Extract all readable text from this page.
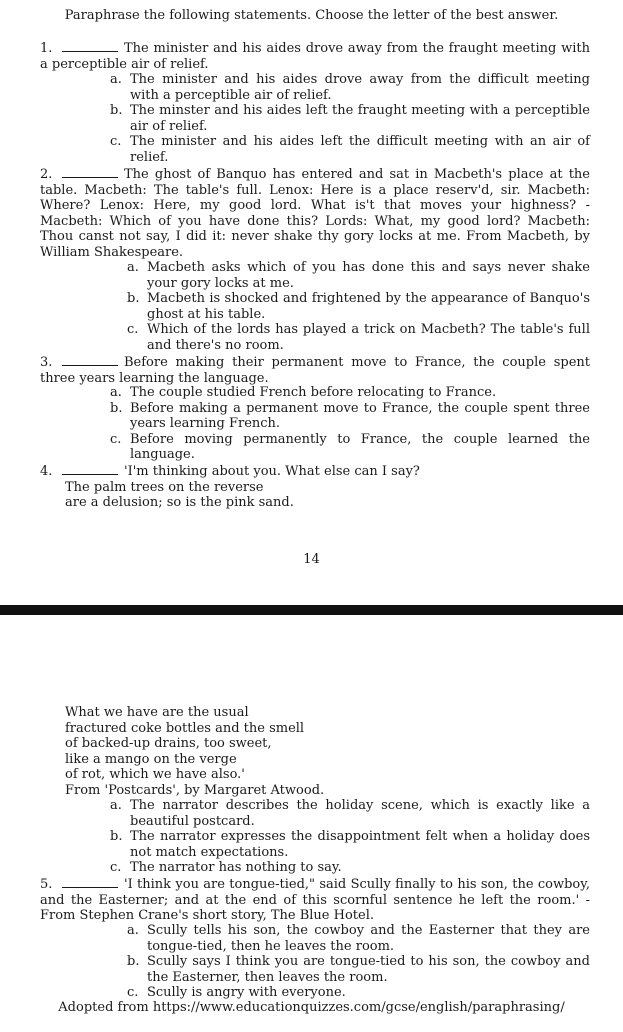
Paraphrase the following statements. Choose the letter of the best answer.

1.	The minister and his aides drove away from the fraught meeting with a perceptible air of relief.

a. The minister and his aides drove away from the difficult meeting with a perceptible air of relief.

b. The minster and his aides left the fraught meeting with a perceptible air of relief.

c. The minister and his aides left the difficult meeting with an air of relief.

2.	The ghost of Banquo has entered and sat in Macbeth's place at the table. Macbeth: The table's full. Lenox: Here is a place reserv'd, sir. Macbeth: Where? Lenox: Here, my good lord. What is't that moves your highness? - Macbeth: Which of you have done this? Lords: What, my good lord? Macbeth: Thou canst not say, I did it: never shake thy gory locks at me. From Macbeth, by William Shakespeare.

a. Macbeth asks which of you has done this and says never shake your gory locks at me.

b. Macbeth is shocked and frightened by the appearance of Banquo's ghost at his table.

c. Which of the lords has played a trick on Macbeth? The table's full and there's no room.

3.	Before making their permanent move to France, the couple spent three years learning the language.

a. The couple studied French before relocating to France.

b. Before making a permanent move to France, the couple spent three years learning French.

c. Before moving permanently to France, the couple learned the language.

4.	'I'm thinking about you. What else can I say?

The palm trees on the reverse

are a delusion; so is the pink sand.

14

What we have are the usual

fractured coke bottles and the smell

of backed-up drains, too sweet,

like a mango on the verge

of rot, which we have also.'

From 'Postcards', by Margaret Atwood.

a. The narrator describes the holiday scene, which is exactly like a beautiful postcard.

b. The narrator expresses the disappointment felt when a holiday does not match expectations.

c. The narrator has nothing to say.

5.	'I think you are tongue-tied," said Scully finally to his son, the cowboy, and the Easterner; and at the end of this scornful sentence he left the room.' - From Stephen Crane's short story, The Blue Hotel.

a. Scully tells his son, the cowboy and the Easterner that they are tongue-tied, then he leaves the room.

b. Scully says I think you are tongue-tied to his son, the cowboy and the Easterner, then leaves the room.

c. Scully is angry with everyone.

Adopted from https://www.educationquizzes.com/gcse/english/paraphrasing/
